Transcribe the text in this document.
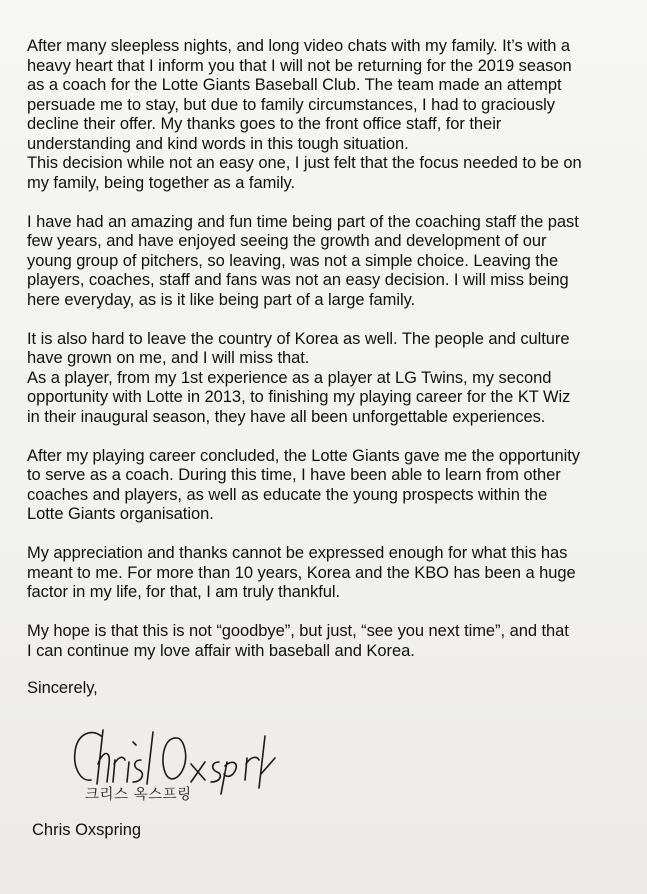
After many sleepless nights, and long video chats with my family. It’s with a
heavy heart that I inform you that I will not be returning for the 2019 season
as a coach for the Lotte Giants Baseball Club. The team made an attempt
persuade me to stay, but due to family circumstances, I had to graciously
decline their offer. My thanks goes to the front office staff, for their
understanding and kind words in this tough situation.
This decision while not an easy one, I just felt that the focus needed to be on
my family, being together as a family.
I have had an amazing and fun time being part of the coaching staff the past
few years, and have enjoyed seeing the growth and development of our
young group of pitchers, so leaving, was not a simple choice. Leaving the
players, coaches, staff and fans was not an easy decision. I will miss being
here everyday, as is it like being part of a large family.
It is also hard to leave the country of Korea as well. The people and culture
have grown on me, and I will miss that.
As a player, from my 1st experience as a player at LG Twins, my second
opportunity with Lotte in 2013, to finishing my playing career for the KT Wiz
in their inaugural season, they have all been unforgettable experiences.
After my playing career concluded, the Lotte Giants gave me the opportunity
to serve as a coach. During this time, I have been able to learn from other
coaches and players, as well as educate the young prospects within the
Lotte Giants organisation.
My appreciation and thanks cannot be expressed enough for what this has
meant to me. For more than 10 years, Korea and the KBO has been a huge
factor in my life, for that, I am truly thankful.
My hope is that this is not “goodbye”, but just, “see you next time”, and that
I can continue my love affair with baseball and Korea.
Sincerely,
크리스 옥스프링
Chris Oxspring
